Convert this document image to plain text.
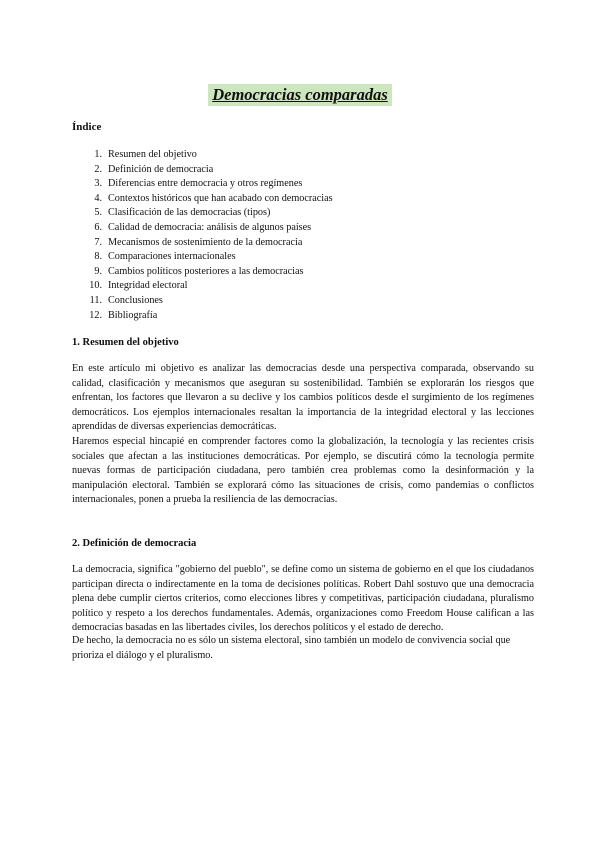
Democracias comparadas
Índice
1. Resumen del objetivo
2. Definición de democracia
3. Diferencias entre democracia y otros regímenes
4. Contextos históricos que han acabado con democracias
5. Clasificación de las democracias (tipos)
6. Calidad de democracia: análisis de algunos países
7. Mecanismos de sostenimiento de la democracia
8. Comparaciones internacionales
9. Cambios políticos posteriores a las democracias
10. Integridad electoral
11. Conclusiones
12. Bibliografía
1. Resumen del objetivo

En este artículo mi objetivo es analizar las democracias desde una perspectiva comparada, observando su calidad, clasificación y mecanismos que aseguran su sostenibilidad. También se explorarán los riesgos que enfrentan, los factores que llevaron a su declive y los cambios políticos desde el surgimiento de los regímenes democráticos. Los ejemplos internacionales resaltan la importancia de la integridad electoral y las lecciones aprendidas de diversas experiencias democráticas.

Haremos especial hincapié en comprender factores como la globalización, la tecnología y las recientes crisis sociales que afectan a las instituciones democráticas. Por ejemplo, se discutirá cómo la tecnología permite nuevas formas de participación ciudadana, pero también crea problemas como la desinformación y la manipulación electoral. También se explorará cómo las situaciones de crisis, como pandemias o conflictos internacionales, ponen a prueba la resiliencia de las democracias.

2. Definición de democracia

La democracia, significa "gobierno del pueblo", se define como un sistema de gobierno en el que los ciudadanos participan directa o indirectamente en la toma de decisiones políticas. Robert Dahl sostuvo que una democracia plena debe cumplir ciertos criterios, como elecciones libres y competitivas, participación ciudadana, pluralismo político y respeto a los derechos fundamentales. Además, organizaciones como Freedom House califican a las democracias basadas en las libertades civiles, los derechos políticos y el estado de derecho.

De hecho, la democracia no es sólo un sistema electoral, sino también un modelo de convivencia social que prioriza el diálogo y el pluralismo.
